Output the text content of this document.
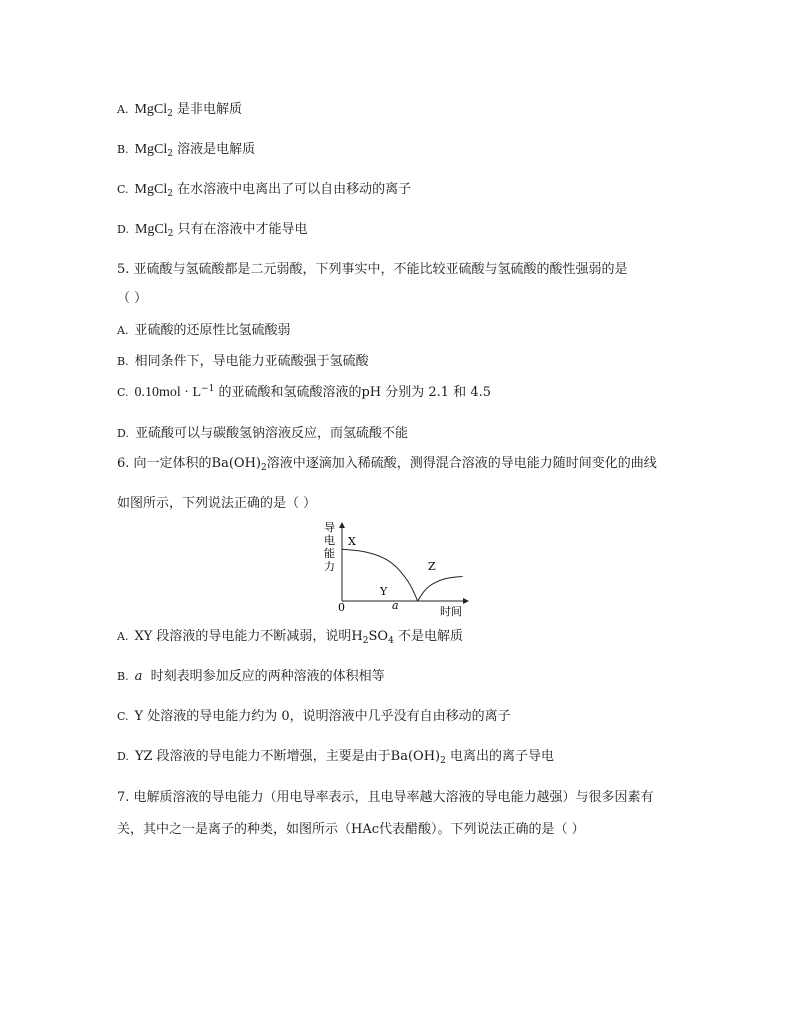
A. MgCl$_2$ 是非电解质
B. MgCl$_2$ 溶液是电解质
C. MgCl$_2$ 在水溶液中电离出了可以自由移动的离子
D. MgCl$_2$ 只有在溶液中才能导电
5. 亚硫酸与氢硫酸都是二元弱酸，下列事实中，不能比较亚硫酸与氢硫酸的酸性强弱的是
（ ）
A. 亚硫酸的还原性比氢硫酸弱
B. 相同条件下，导电能力亚硫酸强于氢硫酸
C. $0.10mol \cdot L^{-1}$ 的亚硫酸和氢硫酸溶液的pH 分别为 2.1 和 4.5
D. 亚硫酸可以与碳酸氢钠溶液反应，而氢硫酸不能
6. 向一定体积的$Ba(OH)_2$溶液中逐滴加入稀硫酸，测得混合溶液的导电能力随时间变化的曲线
如图所示，下列说法正确的是（ ）
导电能力
时间
0
X
Y
Z
a
A. XY 段溶液的导电能力不断减弱，说明$H_2SO_4$ 不是电解质
B. a 时刻表明参加反应的两种溶液的体积相等
C. Y 处溶液的导电能力约为 0，说明溶液中几乎没有自由移动的离子
D. YZ 段溶液的导电能力不断增强，主要是由于$Ba(OH)_2$ 电离出的离子导电
7. 电解质溶液的导电能力（用电导率表示，且电导率越大溶液的导电能力越强）与很多因素有
关，其中之一是离子的种类，如图所示（HAc代表醋酸）。下列说法正确的是（ ）
